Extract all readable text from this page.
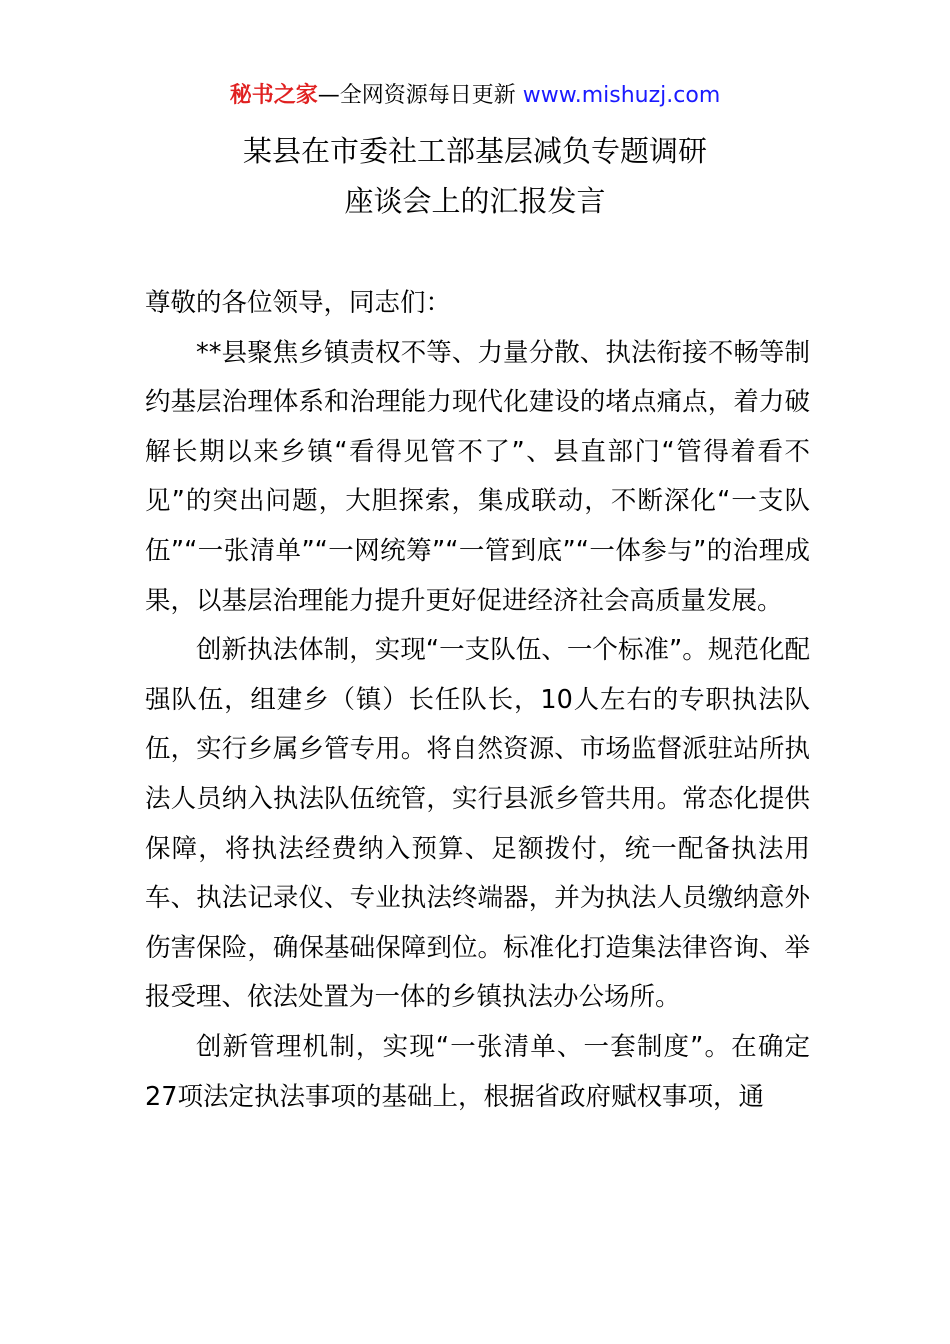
秘书之家—全网资源每日更新 www.mishuzj.com
某县在市委社工部基层减负专题调研
座谈会上的汇报发言

尊敬的各位领导，同志们：

**县聚焦乡镇责权不等、力量分散、执法衔接不畅等制约基层治理体系和治理能力现代化建设的堵点痛点，着力破解长期以来乡镇“看得见管不了”、县直部门“管得着看不见”的突出问题，大胆探索，集成联动，不断深化“一支队伍”“一张清单”“一网统筹”“一管到底”“一体参与”的治理成果，以基层治理能力提升更好促进经济社会高质量发展。

创新执法体制，实现“一支队伍、一个标准”。规范化配强队伍，组建乡（镇）长任队长，10人左右的专职执法队伍，实行乡属乡管专用。将自然资源、市场监督派驻站所执法人员纳入执法队伍统管，实行县派乡管共用。常态化提供保障，将执法经费纳入预算、足额拨付，统一配备执法用车、执法记录仪、专业执法终端器，并为执法人员缴纳意外伤害保险，确保基础保障到位。标准化打造集法律咨询、举报受理、依法处置为一体的乡镇执法办公场所。

创新管理机制，实现“一张清单、一套制度”。在确定27项法定执法事项的基础上，根据省政府赋权事项，通
